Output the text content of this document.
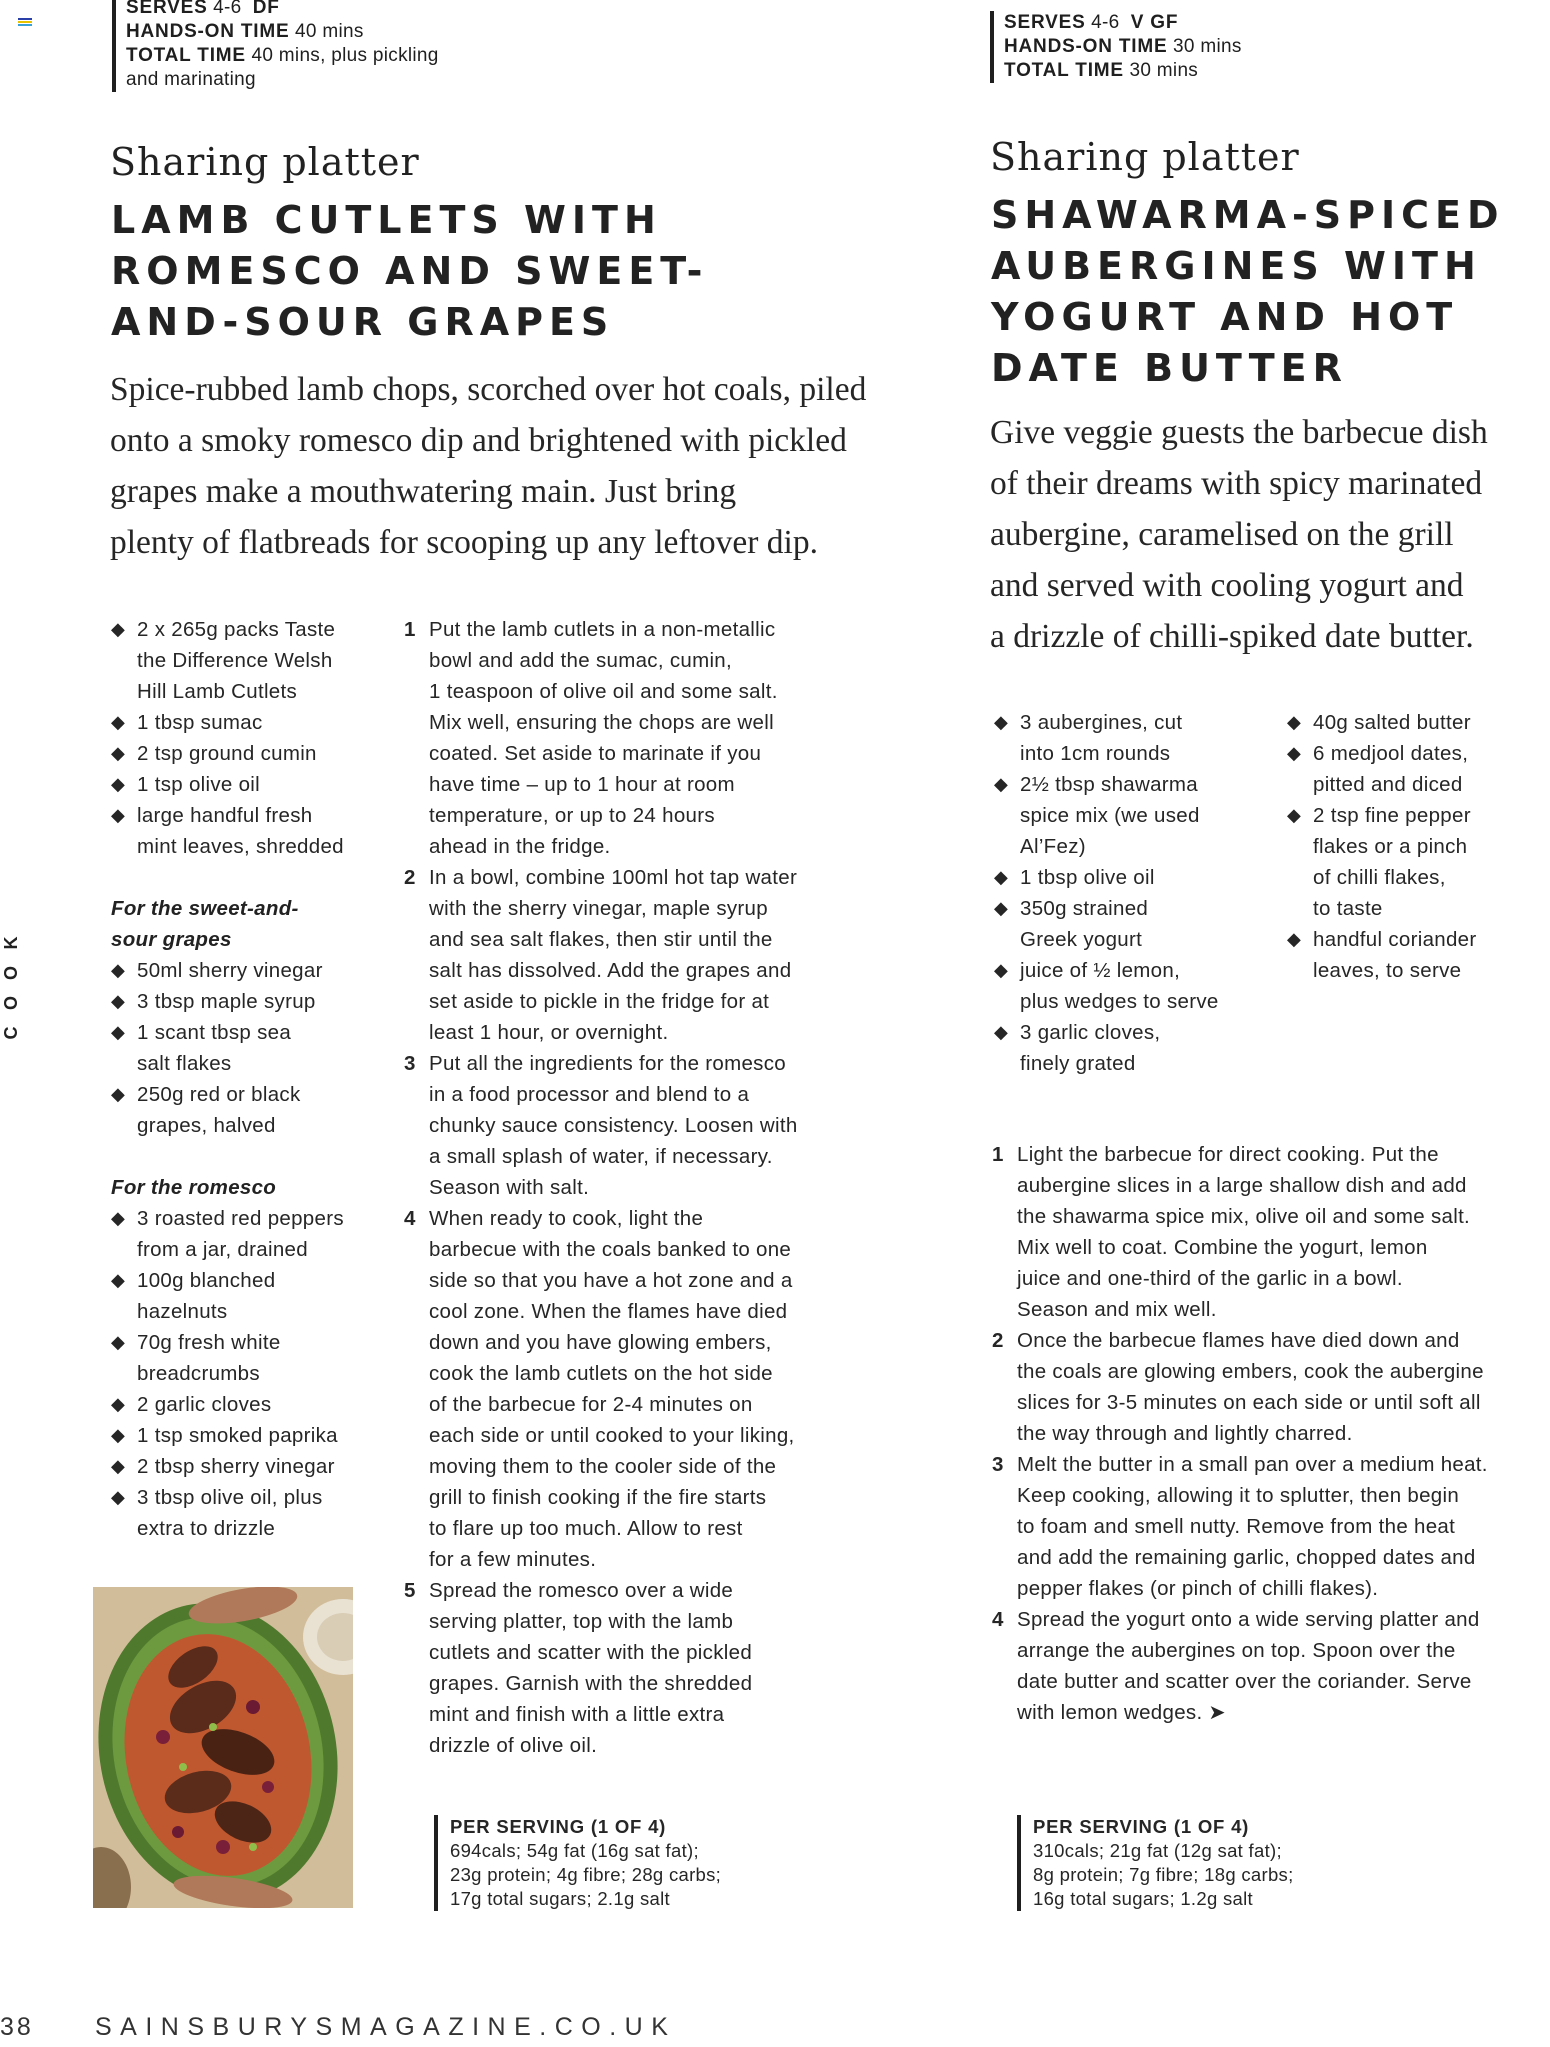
SERVES 4-6 DF
HANDS-ON TIME 40 mins
TOTAL TIME 40 mins, plus pickling
and marinating
Sharing platter
LAMB CUTLETS WITH
ROMESCO AND SWEET-
AND-SOUR GRAPES
Spice-rubbed lamb chops, scorched over hot coals, piled
onto a smoky romesco dip and brightened with pickled
grapes make a mouthwatering main. Just bring
plenty of flatbreads for scooping up any leftover dip.
◆ 2 x 265g packs Taste
the Difference Welsh
Hill Lamb Cutlets
◆ 1 tbsp sumac
◆ 2 tsp ground cumin
◆ 1 tsp olive oil
◆ large handful fresh
mint leaves, shredded
For the sweet-and-
sour grapes
◆ 50ml sherry vinegar
◆ 3 tbsp maple syrup
◆ 1 scant tbsp sea
salt flakes
◆ 250g red or black
grapes, halved
For the romesco
◆ 3 roasted red peppers
from a jar, drained
◆ 100g blanched
hazelnuts
◆ 70g fresh white
breadcrumbs
◆ 2 garlic cloves
◆ 1 tsp smoked paprika
◆ 2 tbsp sherry vinegar
◆ 3 tbsp olive oil, plus
extra to drizzle
1 Put the lamb cutlets in a non-metallic
bowl and add the sumac, cumin,
1 teaspoon of olive oil and some salt.
Mix well, ensuring the chops are well
coated. Set aside to marinate if you
have time – up to 1 hour at room
temperature, or up to 24 hours
ahead in the fridge.
2 In a bowl, combine 100ml hot tap water
with the sherry vinegar, maple syrup
and sea salt flakes, then stir until the
salt has dissolved. Add the grapes and
set aside to pickle in the fridge for at
least 1 hour, or overnight.
3 Put all the ingredients for the romesco
in a food processor and blend to a
chunky sauce consistency. Loosen with
a small splash of water, if necessary.
Season with salt.
4 When ready to cook, light the
barbecue with the coals banked to one
side so that you have a hot zone and a
cool zone. When the flames have died
down and you have glowing embers,
cook the lamb cutlets on the hot side
of the barbecue for 2-4 minutes on
each side or until cooked to your liking,
moving them to the cooler side of the
grill to finish cooking if the fire starts
to flare up too much. Allow to rest
for a few minutes.
5 Spread the romesco over a wide
serving platter, top with the lamb
cutlets and scatter with the pickled
grapes. Garnish with the shredded
mint and finish with a little extra
drizzle of olive oil.
PER SERVING (1 OF 4)
694cals; 54g fat (16g sat fat);
23g protein; 4g fibre; 28g carbs;
17g total sugars; 2.1g salt
SERVES 4-6 V GF
HANDS-ON TIME 30 mins
TOTAL TIME 30 mins
Sharing platter
SHAWARMA-SPICED
AUBERGINES WITH
YOGURT AND HOT
DATE BUTTER
Give veggie guests the barbecue dish
of their dreams with spicy marinated
aubergine, caramelised on the grill
and served with cooling yogurt and
a drizzle of chilli-spiked date butter.
◆ 3 aubergines, cut
into 1cm rounds
◆ 2½ tbsp shawarma
spice mix (we used
Al’Fez)
◆ 1 tbsp olive oil
◆ 350g strained
Greek yogurt
◆ juice of ½ lemon,
plus wedges to serve
◆ 3 garlic cloves,
finely grated
◆ 40g salted butter
◆ 6 medjool dates,
pitted and diced
◆ 2 tsp fine pepper
flakes or a pinch
of chilli flakes,
to taste
◆ handful coriander
leaves, to serve
1 Light the barbecue for direct cooking. Put the
aubergine slices in a large shallow dish and add
the shawarma spice mix, olive oil and some salt.
Mix well to coat. Combine the yogurt, lemon
juice and one-third of the garlic in a bowl.
Season and mix well.
2 Once the barbecue flames have died down and
the coals are glowing embers, cook the aubergine
slices for 3-5 minutes on each side or until soft all
the way through and lightly charred.
3 Melt the butter in a small pan over a medium heat.
Keep cooking, allowing it to splutter, then begin
to foam and smell nutty. Remove from the heat
and add the remaining garlic, chopped dates and
pepper flakes (or pinch of chilli flakes).
4 Spread the yogurt onto a wide serving platter and
arrange the aubergines on top. Spoon over the
date butter and scatter over the coriander. Serve
with lemon wedges. ➤
PER SERVING (1 OF 4)
310cals; 21g fat (12g sat fat);
8g protein; 7g fibre; 18g carbs;
16g total sugars; 1.2g salt
K
O
O
C
38 SAINSBURYSMAGAZINE.CO.UK
